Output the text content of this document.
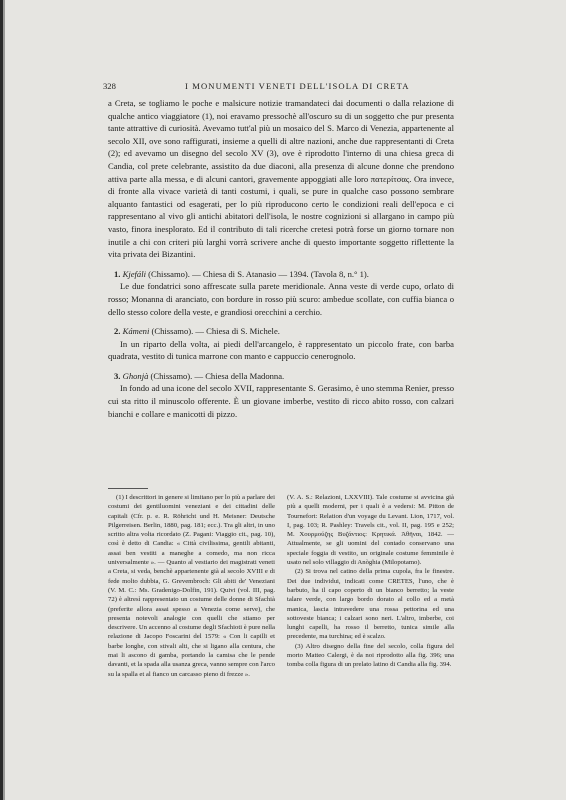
328	I MONUMENTI VENETI DELL'ISOLA DI CRETA

a Creta, se togliamo le poche e malsicure notizie tramandateci dai documenti o dalla relazione di qualche antico viaggiatore (1), noi eravamo pressochè all'oscuro su di un soggetto che pur presenta tante attrattive di curiosità. Avevamo tutt'al più un mosaico del S. Marco di Venezia, appartenente al secolo XII, ove sono raffigurati, insieme a quelli di altre nazioni, anche due rappresentanti di Creta (2); ed avevamo un disegno del secolo XV (3), ove è riprodotto l'interno di una chiesa greca di Candia, col prete celebrante, assistito da due diaconi, alla presenza di alcune donne che prendono attiva parte alla messa, e di alcuni cantori, gravemente appoggiati alle loro πατερίτσας. Ora invece, di fronte alla vivace varietà di tanti costumi, i quali, se pure in qualche caso possono sembrare alquanto fantastici od esagerati, per lo più riproducono certo le condizioni reali dell'epoca e ci rappresentano al vivo gli antichi abitatori dell'isola, le nostre cognizioni si allargano in campo più vasto, finora inesplorato. Ed il contributo di tali ricerche cretesi potrà forse un giorno tornare non inutile a chi con criteri più larghi vorrà scrivere anche di questo importante soggetto riflettente la vita privata dei Bizantini.

1. Kjefáli (Chissamo). — Chiesa di S. Atanasio — 1394. (Tavola 8, n.° 1).

Le due fondatrici sono affrescate sulla parete meridionale. Anna veste di verde cupo, orlato di rosso; Monanna di aranciato, con bordure in rosso più scuro: ambedue scollate, con cuffia bianca o dello stesso colore della veste, e grandiosi orecchini a cerchio.

2. Kámeni (Chissamo). — Chiesa di S. Michele.

In un riparto della volta, ai piedi dell'arcangelo, è rappresentato un piccolo frate, con barba quadrata, vestito di tunica marrone con manto e cappuccio cenerognolo.

3. Ghonjà (Chissamo). — Chiesa della Madonna.

In fondo ad una icone del secolo XVII, rappresentante S. Gerasimo, è uno stemma Renier, presso cui sta ritto il minuscolo offerente. È un giovane imberbe, vestito di ricco abito rosso, con calzari bianchi e collare e manicotti di pizzo.

(1) I descrittori in genere si limitano per lo più a parlare dei costumi dei gentiluomini veneziani e dei cittadini delle capitali (Cfr. p. e. R. Röhricht und H. Meisner: Deutsche Pilgerreisen. Berlin, 1880, pag. 181; ecc.). Tra gli altri, in uno scritto altra volta ricordato (Z. Pagani: Viaggio cit., pag. 10), così è detto di Candia: « Città civilissima, gentili abitanti, assai ben vestiti a maneghe a comedo, ma non ricca universalmente ». — Quanto al vestiario dei magistrati veneti a Creta, si veda, benchè appartenente già al secolo XVIII e di fede molto dubbia, G. Grevembroch: Gli abiti de' Veneziani (V. M. C.: Ms. Gradenigo-Dolfin, 191). Quivi (vol. III, pag. 72) è altresì rappresentato un costume delle donne di Sfachià (preferite allora assai spesso a Venezia come serve), che presenta notevoli analogie con quelli che stiamo per descrivere. Un accenno al costume degli Sfachioti è pure nella relazione di Jacopo Foscarini del 1579: « Con li capilli et barbe longhe, con stivali alti, che si ligano alla centura, che mai li ascono di gamba, portando la camisa che le pende davanti, et la spada alla usanza greca, vanno sempre con l'arco su la spalla et al fianco un carcasso pieno di frezze ».

(V. A. S.: Relazioni, LXXVIII). Tale costume si avvicina già più a quelli moderni, per i quali è a vedersi: M. Pitton de Tournefort: Relation d'un voyage du Levant. Lion, 1717, vol. I, pag. 103; R. Pashley: Travels cit., vol. II, pag. 195 e 252; M. Χουρμούζης Βυζάντιος: Κρητικά. Ἀθῆναι, 1842. — Attualmente, se gli uomini del contado conservano una speciale foggia di vestito, un originale costume femminile è usato nel solo villaggio di Anòghia (Milopotamo).

(2) Si trova nel catino della prima cupola, fra le finestre. Dei due individui, indicati come CRETES, l'uno, che è barbuto, ha il capo coperto di un bianco berretto; la veste talare verde, con largo bordo dorato al collo ed a metà manica, lascia intravedere una rossa pettorina ed una sottoveste bianca; i calzari sono neri. L'altro, imberbe, coi lunghi capelli, ha rosso il berretto, tunica simile alla precedente, ma turchina; ed è scalzo.

(3) Altro disegno della fine del secolo, colla figura del morto Matteo Calergi, è da noi riprodotto alla fig. 396; una tomba colla figura di un prelato latino di Candia alla fig. 394.
